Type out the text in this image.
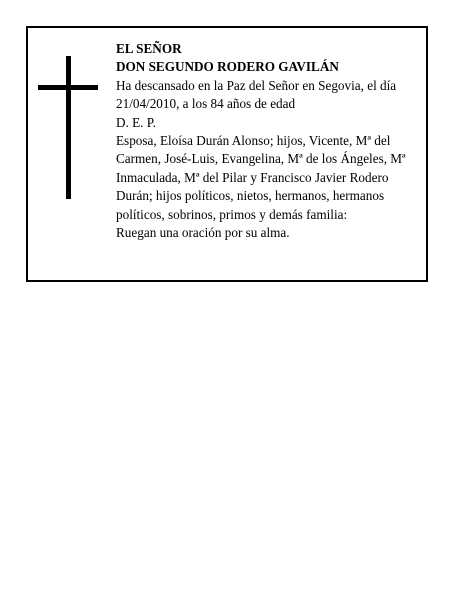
EL SEÑOR

DON SEGUNDO RODERO GAVILÁN

Ha descansado en la Paz del Señor en Segovia, el día 21/04/2010, a los 84 años de edad

D. E. P.

Esposa, Eloísa Durán Alonso; hijos, Vicente, Mª del Carmen, José-Luis, Evangelina, Mª de los Ángeles, Mª Inmaculada, Mª del Pilar y Francisco Javier Rodero Durán; hijos políticos, nietos, hermanos, hermanos políticos, sobrinos, primos y demás familia:

Ruegan una oración por su alma.
